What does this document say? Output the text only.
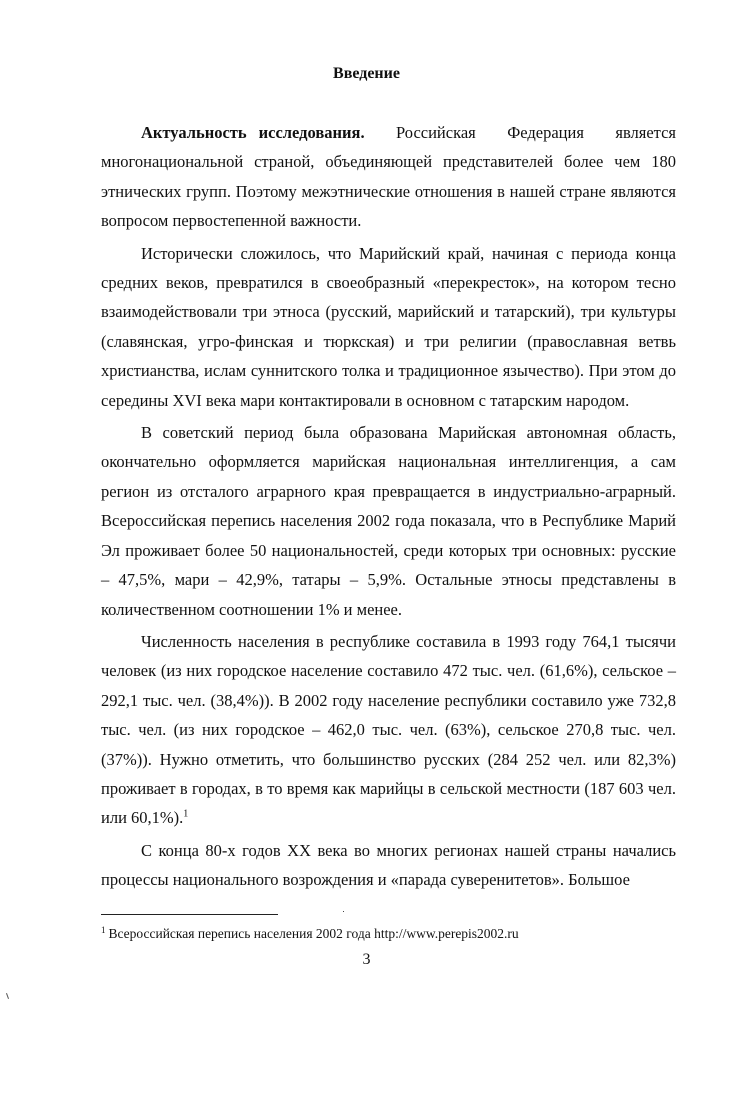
Введение

Актуальность исследования. Российская Федерация является многонациональной страной, объединяющей представителей более чем 180 этнических групп. Поэтому межэтнические отношения в нашей стране являются вопросом первостепенной важности.

Исторически сложилось, что Марийский край, начиная с периода конца средних веков, превратился в своеобразный «перекресток», на котором тесно взаимодействовали три этноса (русский, марийский и татарский), три культуры (славянская, угро-финская и тюркская) и три религии (православная ветвь христианства, ислам суннитского толка и традиционное язычество). При этом до середины XVI века мари контактировали в основном с татарским народом.

В советский период была образована Марийская автономная область, окончательно оформляется марийская национальная интеллигенция, а сам регион из отсталого аграрного края превращается в индустриально-аграрный. Всероссийская перепись населения 2002 года показала, что в Республике Марий Эл проживает более 50 национальностей, среди которых три основных: русские – 47,5%, мари – 42,9%, татары – 5,9%. Остальные этносы представлены в количественном соотношении 1% и менее.

Численность населения в республике составила в 1993 году 764,1 тысячи человек (из них городское население составило 472 тыс. чел. (61,6%), сельское – 292,1 тыс. чел. (38,4%)). В 2002 году население республики составило уже 732,8 тыс. чел. (из них городское – 462,0 тыс. чел. (63%), сельское 270,8 тыс. чел. (37%)). Нужно отметить, что большинство русских (284 252 чел. или 82,3%) проживает в городах, в то время как марийцы в сельской местности (187 603 чел. или 60,1%).$^1$

С конца 80-х годов XX века во многих регионах нашей страны начались процессы национального возрождения и «парада суверенитетов». Большое

$^1$ Всероссийская перепись населения 2002 года http://www.perepis2002.ru
3
